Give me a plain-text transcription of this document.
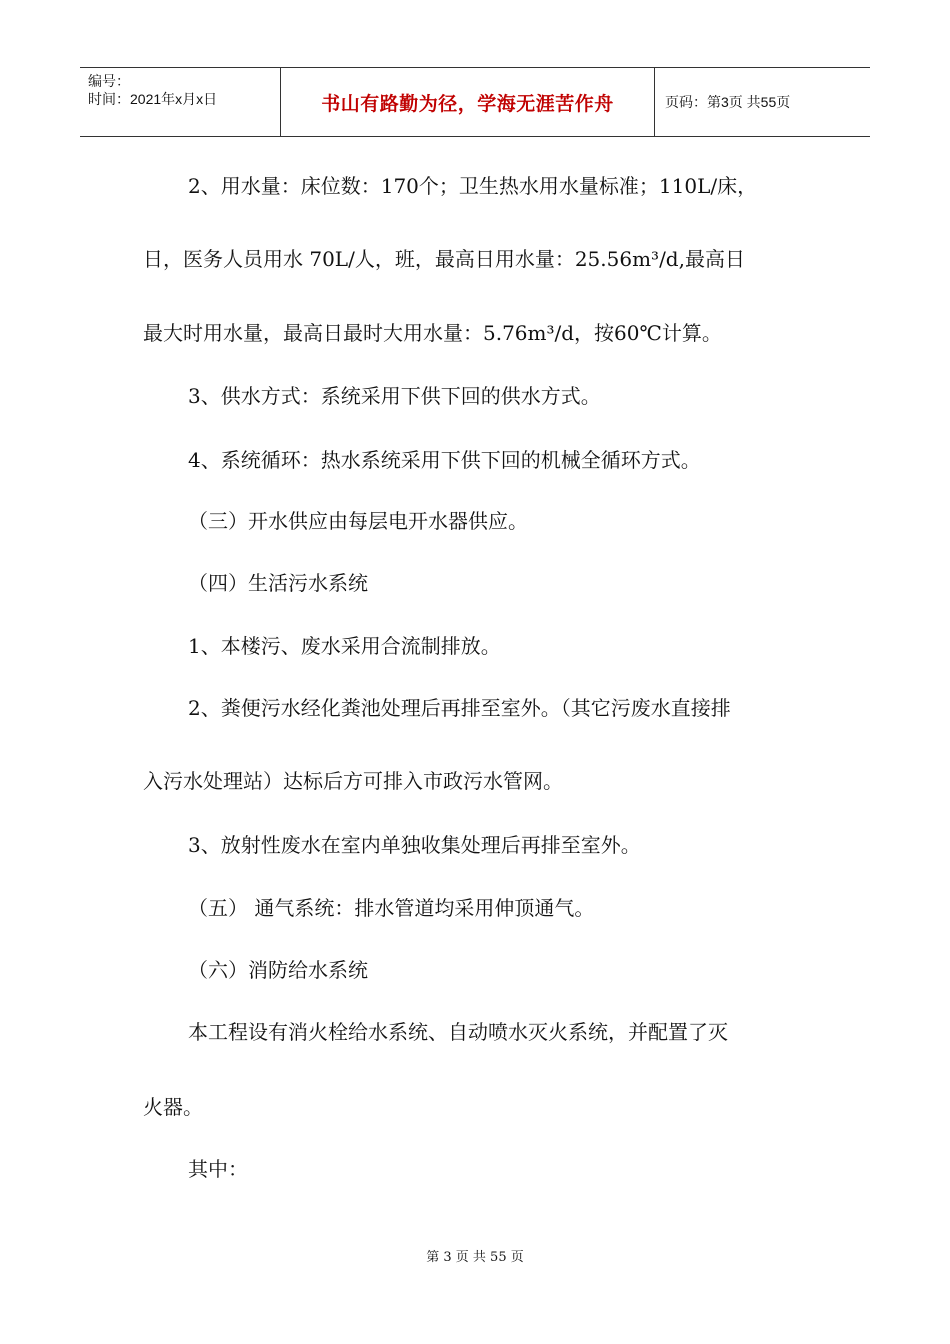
编号：
时间：2021年x月x日	书山有路勤为径，学海无涯苦作舟	页码：第3页 共55页
2、用水量：床位数：170个；卫生热水用水量标准；110L/床，
日，医务人员用水 70L/人，班，最高日用水量：25.56m³/d,最高日
最大时用水量，最高日最时大用水量：5.76m³/d，按60℃计算。
3、供水方式：系统采用下供下回的供水方式。
4、系统循环：热水系统采用下供下回的机械全循环方式。
（三）开水供应由每层电开水器供应。
（四）生活污水系统
1、本楼污、废水采用合流制排放。
2、粪便污水经化粪池处理后再排至室外。（其它污废水直接排
入污水处理站）达标后方可排入市政污水管网。
3、放射性废水在室内单独收集处理后再排至室外。
（五） 通气系统：排水管道均采用伸顶通气。
（六）消防给水系统
本工程设有消火栓给水系统、自动喷水灭火系统，并配置了灭
火器。
其中：
第 3 页 共 55 页
